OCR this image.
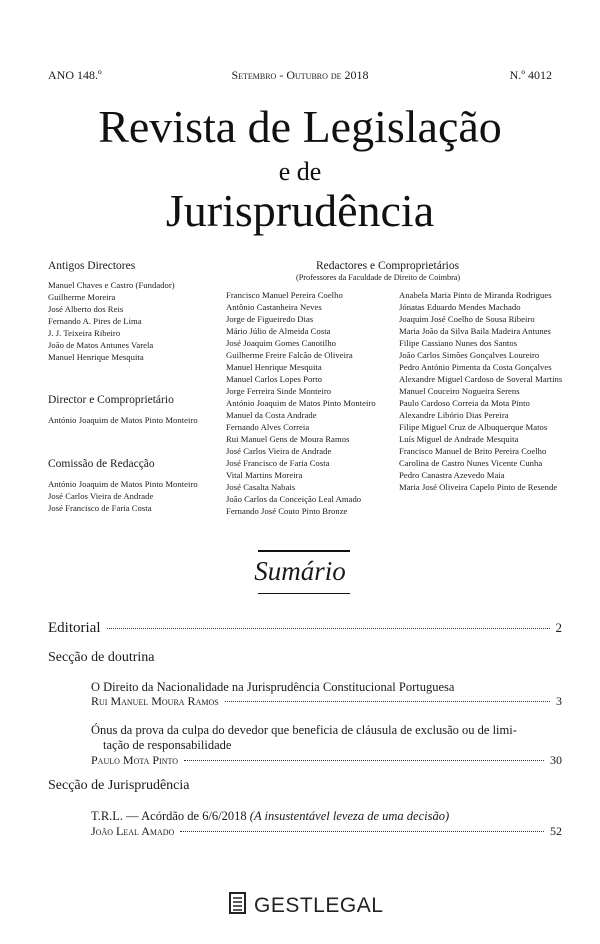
ANO 148.º	Setembro - Outubro de 2018	N.º 4012
Revista de Legislação
e de
Jurisprudência
Antigos Directores
Manuel Chaves e Castro (Fundador)
Guilherme Moreira
José Alberto dos Reis
Fernando A. Pires de Lima
J. J. Teixeira Ribeiro
João de Matos Antunes Varela
Manuel Henrique Mesquita
Director e Comproprietário
António Joaquim de Matos Pinto Monteiro
Comissão de Redacção
António Joaquim de Matos Pinto Monteiro
José Carlos Vieira de Andrade
José Francisco de Faria Costa
Redactores e Comproprietários
(Professores da Faculdade de Direito de Coimbra)
Francisco Manuel Pereira Coelho
Antônio Castanheira Neves
Jorge de Figueiredo Dias
Mário Júlio de Almeida Costa
José Joaquim Gomes Canotilho
Guilherme Freire Falcão de Oliveira
Manuel Henrique Mesquita
Manuel Carlos Lopes Porto
Jorge Ferreira Sinde Monteiro
António Joaquim de Matos Pinto Monteiro
Manuel da Costa Andrade
Fernando Alves Correia
Rui Manuel Gens de Moura Ramos
José Carlos Vieira de Andrade
José Francisco de Faria Costa
Vital Martins Moreira
José Casalta Nabais
João Carlos da Conceição Leal Amado
Fernando José Couto Pinto Bronze
Anabela Maria Pinto de Miranda Rodrigues
Jónatas Eduardo Mendes Machado
Joaquim José Coelho de Sousa Ribeiro
Maria João da Silva Baila Madeira Antunes
Filipe Cassiano Nunes dos Santos
João Carlos Simões Gonçalves Loureiro
Pedro António Pimenta da Costa Gonçalves
Alexandre Miguel Cardoso de Soveral Martins
Manuel Couceiro Nogueira Serens
Paulo Cardoso Correia da Mota Pinto
Alexandre Libório Dias Pereira
Filipe Miguel Cruz de Albuquerque Matos
Luís Miguel de Andrade Mesquita
Francisco Manuel de Brito Pereira Coelho
Carolina de Castro Nunes Vicente Cunha
Pedro Canastra Azevedo Maia
Maria José Oliveira Capelo Pinto de Resende
Sumário
Editorial	2
Secção de doutrina
O Direito da Nacionalidade na Jurisprudência Constitucional Portuguesa
Rui Manuel Moura Ramos	3
Ónus da prova da culpa do devedor que beneficia de cláusula de exclusão ou de limi-
tação de responsabilidade
Paulo Mota Pinto	30
Secção de Jurisprudência
T.R.L. — Acórdão de 6/6/2018 (A insustentável leveza de uma decisão)
João Leal Amado	52
GESTLEGAL
